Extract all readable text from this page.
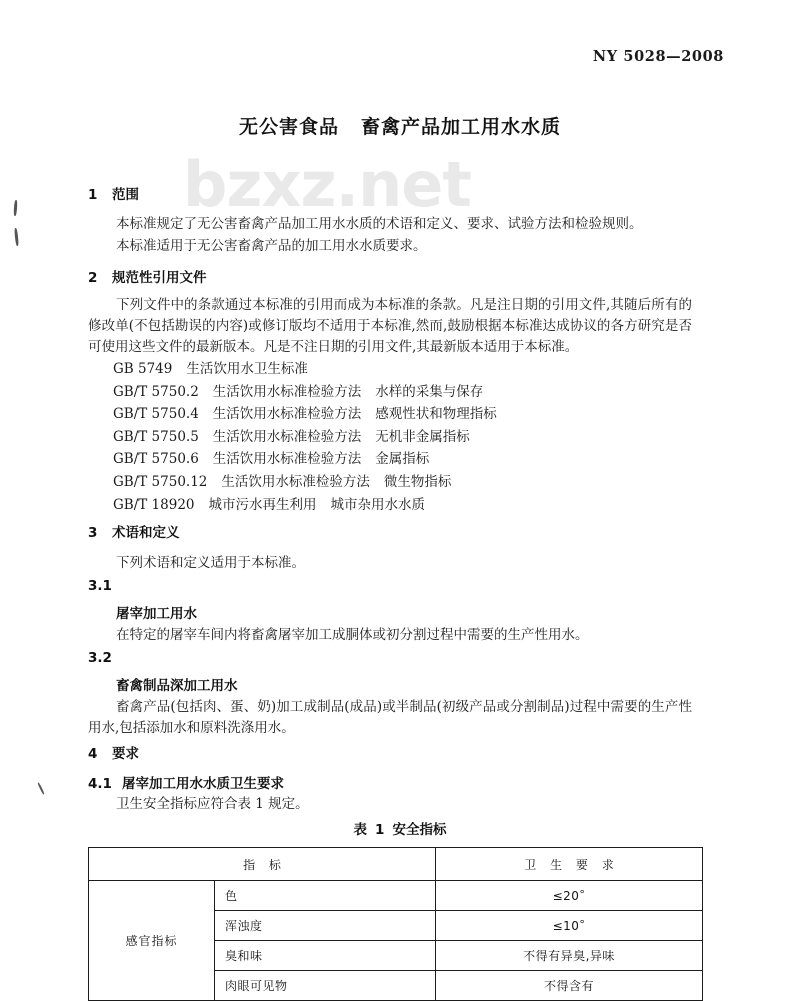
bzxz.net
NY 5028—2008
无公害食品 畜禽产品加工用水水质
1 范围
本标准规定了无公害畜禽产品加工用水水质的术语和定义、要求、试验方法和检验规则。
本标准适用于无公害畜禽产品的加工用水水质要求。
2 规范性引用文件
下列文件中的条款通过本标准的引用而成为本标准的条款。凡是注日期的引用文件,其随后所有的修改单(不包括勘误的内容)或修订版均不适用于本标准,然而,鼓励根据本标准达成协议的各方研究是否可使用这些文件的最新版本。凡是不注日期的引用文件,其最新版本适用于本标准。
GB 5749 生活饮用水卫生标准
GB/T 5750.2 生活饮用水标准检验方法 水样的采集与保存
GB/T 5750.4 生活饮用水标准检验方法 感观性状和物理指标
GB/T 5750.5 生活饮用水标准检验方法 无机非金属指标
GB/T 5750.6 生活饮用水标准检验方法 金属指标
GB/T 5750.12 生活饮用水标准检验方法 微生物指标
GB/T 18920 城市污水再生利用 城市杂用水水质
3 术语和定义
下列术语和定义适用于本标准。
3.1
屠宰加工用水
在特定的屠宰车间内将畜禽屠宰加工成胴体或初分割过程中需要的生产性用水。
3.2
畜禽制品深加工用水
畜禽产品(包括肉、蛋、奶)加工成制品(成品)或半制品(初级产品或分割制品)过程中需要的生产性用水,包括添加水和原料洗涤用水。
4 要求
4.1 屠宰加工用水水质卫生要求
卫生安全指标应符合表 1 规定。
表 1 安全指标
指 标		卫 生 要 求
感官指标	色	≤20°
	浑浊度	≤10°
	臭和味	不得有异臭,异味
	肉眼可见物	不得含有
